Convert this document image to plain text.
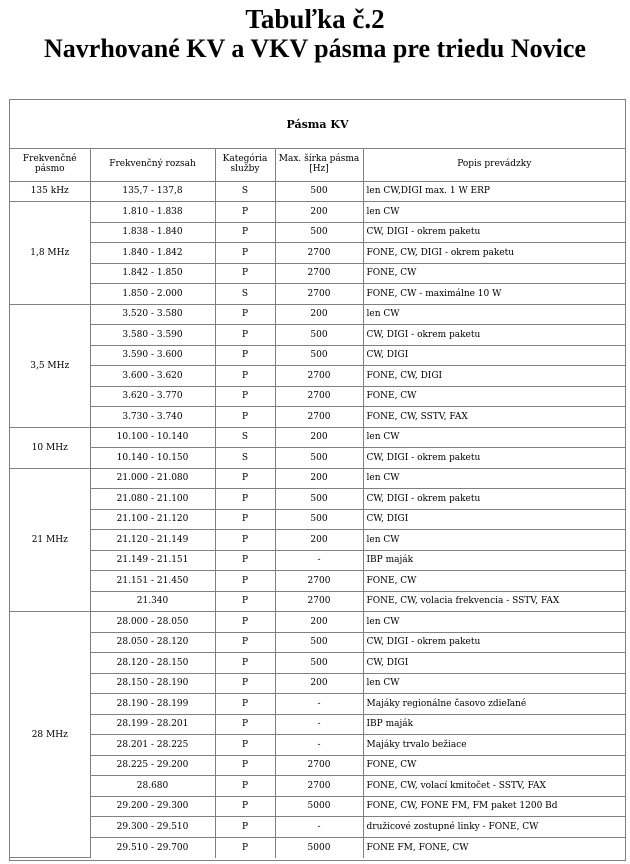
Tabuľka č.2
Navrhované KV a VKV pásma pre triedu Novice
Pásma KV
Frekvenčné pásmo	Frekvenčný rozsah	Kategória služby	Max. šírka pásma [Hz]	Popis prevádzky
135 kHz	135,7 - 137,8	S	500	len CW,DIGI max. 1 W ERP
1,8 MHz	1.810 - 1.838	P	200	len CW
	1.838 - 1.840	P	500	CW, DIGI - okrem paketu
	1.840 - 1.842	P	2700	FONE, CW, DIGI - okrem paketu
	1.842 - 1.850	P	2700	FONE, CW
	1.850 - 2.000	S	2700	FONE, CW - maximálne 10 W
3,5 MHz	3.520 - 3.580	P	200	len CW
	3.580 - 3.590	P	500	CW, DIGI - okrem paketu
	3.590 - 3.600	P	500	CW, DIGI
	3.600 - 3.620	P	2700	FONE, CW, DIGI
	3.620 - 3.770	P	2700	FONE, CW
	3.730 - 3.740	P	2700	FONE, CW, SSTV, FAX
10 MHz	10.100 - 10.140	S	200	len CW
	10.140 - 10.150	S	500	CW, DIGI - okrem paketu
21 MHz	21.000 - 21.080	P	200	len CW
	21.080 - 21.100	P	500	CW, DIGI - okrem paketu
	21.100 - 21.120	P	500	CW, DIGI
	21.120 - 21.149	P	200	len CW
	21.149 - 21.151	P	-	IBP maják
	21.151 - 21.450	P	2700	FONE, CW
	21.340	P	2700	FONE, CW, volacia frekvencia - SSTV, FAX
28 MHz	28.000 - 28.050	P	200	len CW
	28.050 - 28.120	P	500	CW, DIGI - okrem paketu
	28.120 - 28.150	P	500	CW, DIGI
	28.150 - 28.190	P	200	len CW
	28.190 - 28.199	P	-	Majáky regionálne časovo zdieľané
	28.199 - 28.201	P	-	IBP maják
	28.201 - 28.225	P	-	Majáky trvalo bežiace
	28.225 - 29.200	P	2700	FONE, CW
	28.680	P	2700	FONE, CW, volací kmitočet - SSTV, FAX
	29.200 - 29.300	P	5000	FONE, CW, FONE FM, FM paket 1200 Bd
	29.300 - 29.510	P	-	družicové zostupné linky - FONE, CW
	29.510 - 29.700	P	5000	FONE FM, FONE, CW
